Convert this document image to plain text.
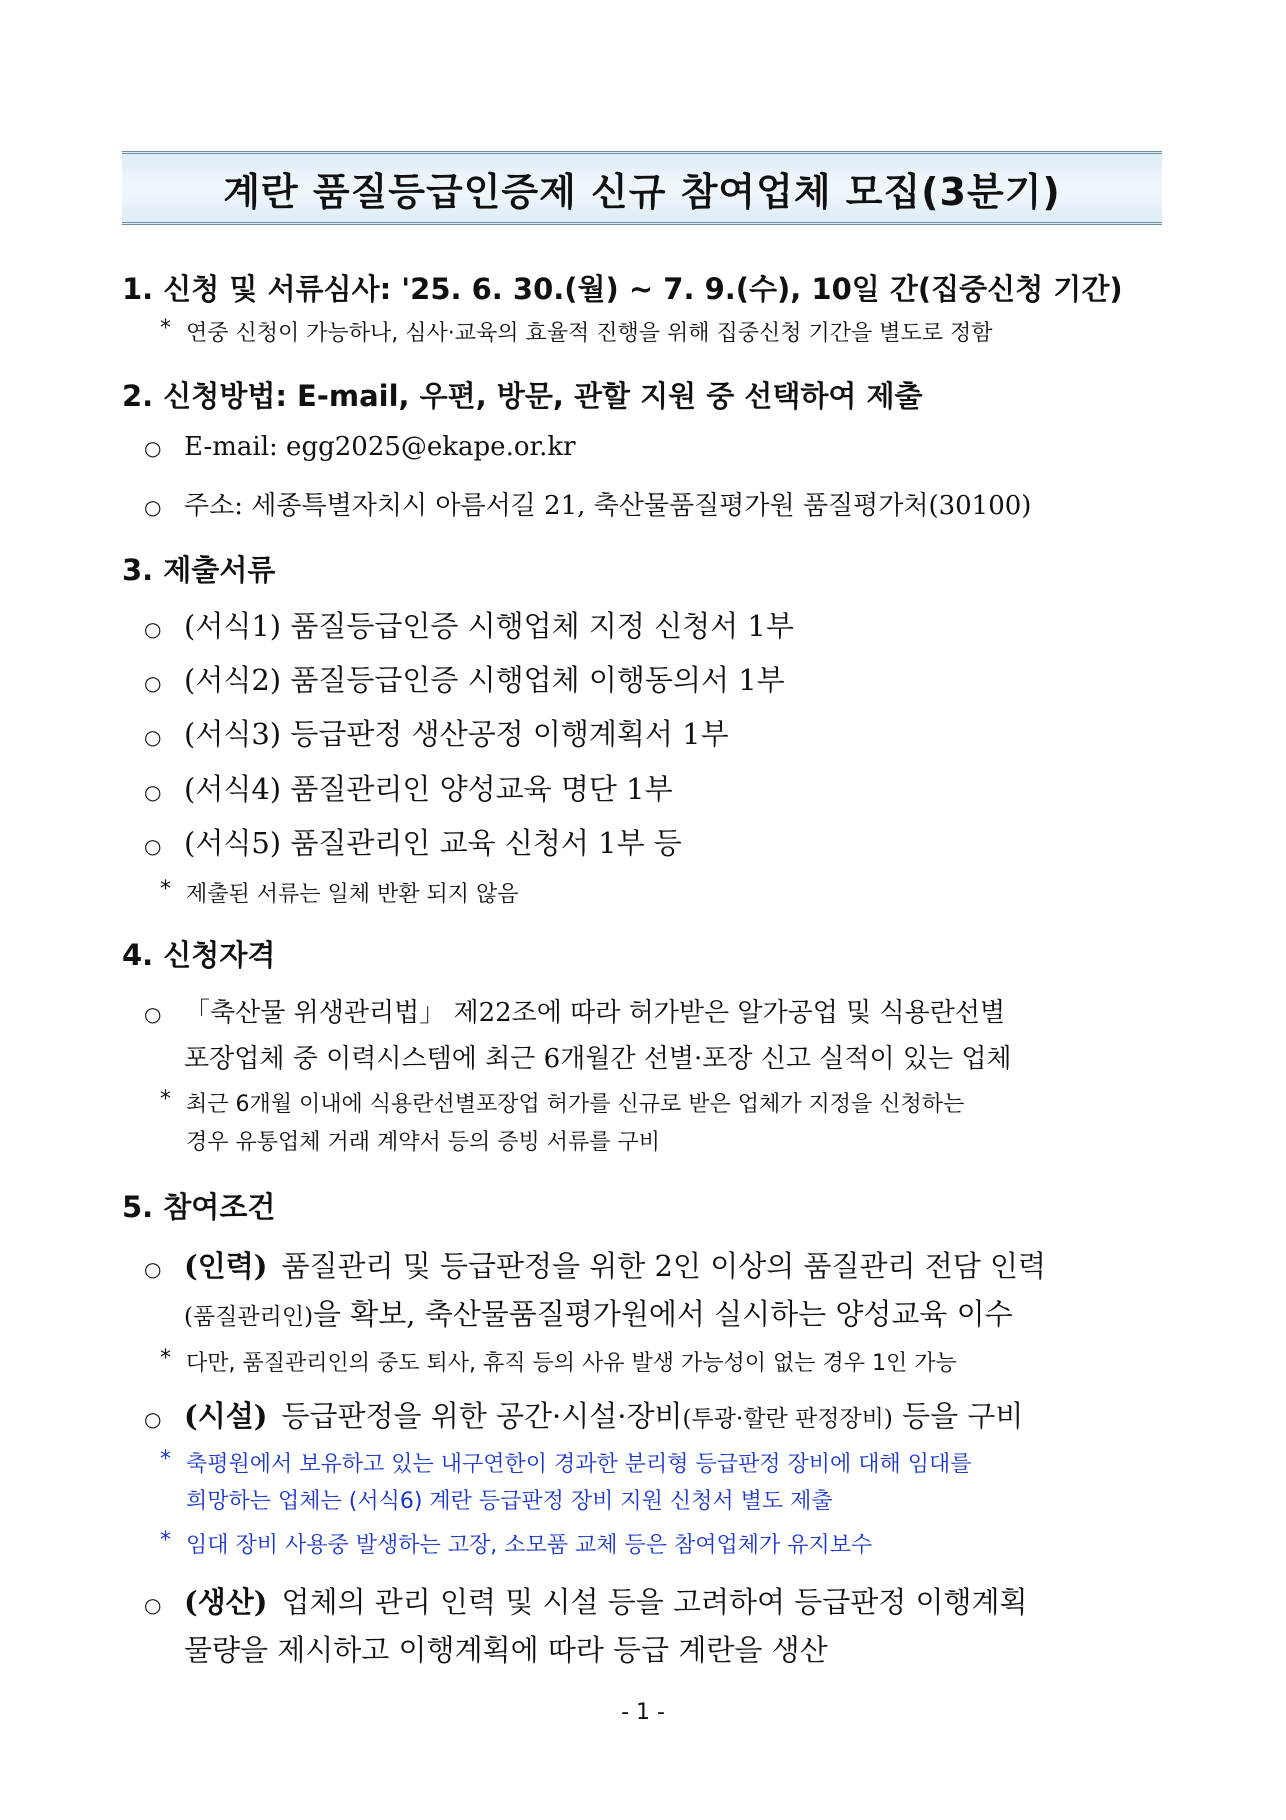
계란 품질등급인증제 신규 참여업체 모집(3분기)
1. 신청 및 서류심사: '25. 6. 30.(월) ~ 7. 9.(수), 10일 간(집중신청 기간)
* 연중 신청이 가능하나, 심사·교육의 효율적 진행을 위해 집중신청 기간을 별도로 정함
2. 신청방법: E-mail, 우편, 방문, 관할 지원 중 선택하여 제출
○ E-mail: egg2025@ekape.or.kr
○ 주소: 세종특별자치시 아름서길 21, 축산물품질평가원 품질평가처(30100)
3. 제출서류
○ (서식1) 품질등급인증 시행업체 지정 신청서 1부
○ (서식2) 품질등급인증 시행업체 이행동의서 1부
○ (서식3) 등급판정 생산공정 이행계획서 1부
○ (서식4) 품질관리인 양성교육 명단 1부
○ (서식5) 품질관리인 교육 신청서 1부 등
* 제출된 서류는 일체 반환 되지 않음
4. 신청자격
○ 「축산물 위생관리법」 제22조에 따라 허가받은 알가공업 및 식용란선별
포장업체 중 이력시스템에 최근 6개월간 선별·포장 신고 실적이 있는 업체
* 최근 6개월 이내에 식용란선별포장업 허가를 신규로 받은 업체가 지정을 신청하는
경우 유통업체 거래 계약서 등의 증빙 서류를 구비
5. 참여조건
○ (인력) 품질관리 및 등급판정을 위한 2인 이상의 품질관리 전담 인력
(품질관리인) 을 확보, 축산물품질평가원에서 실시하는 양성교육 이수
* 다만, 품질관리인의 중도 퇴사, 휴직 등의 사유 발생 가능성이 없는 경우 1인 가능
○ (시설) 등급판정을 위한 공간·시설·장비 (투광·할란 판정장비) 등을 구비
* 축평원에서 보유하고 있는 내구연한이 경과한 분리형 등급판정 장비에 대해 임대를
희망하는 업체는 (서식6) 계란 등급판정 장비 지원 신청서 별도 제출
* 임대 장비 사용중 발생하는 고장, 소모품 교체 등은 참여업체가 유지보수
○ (생산) 업체의 관리 인력 및 시설 등을 고려하여 등급판정 이행계획
물량을 제시하고 이행계획에 따라 등급 계란을 생산
- 1 -
